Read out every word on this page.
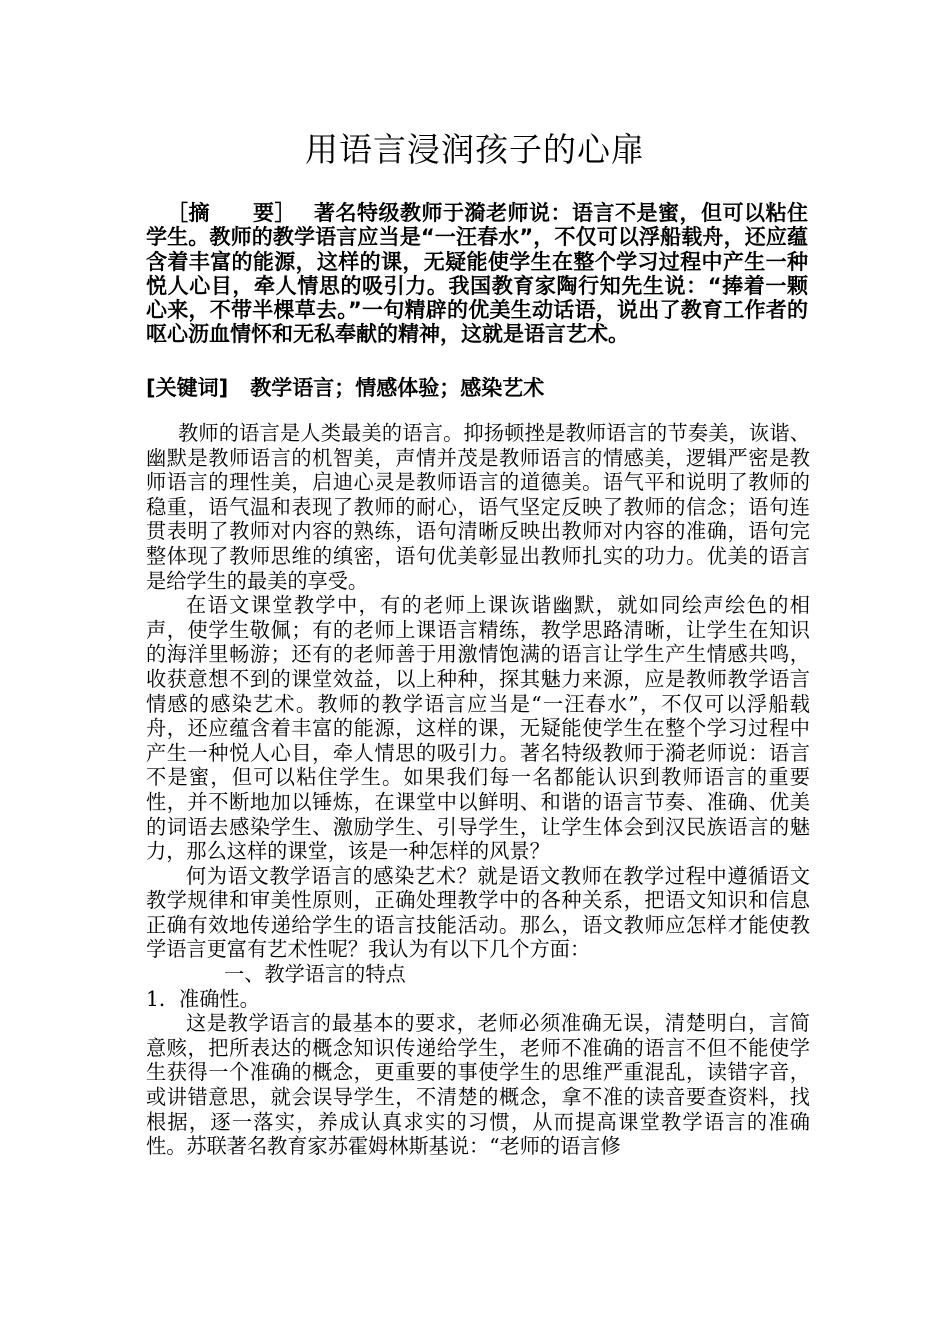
用语言浸润孩子的心扉

［摘　　要］ 著名特级教师于漪老师说：语言不是蜜，但可以粘住学生。教师的教学语言应当是“一汪春水”，不仅可以浮船载舟，还应蕴含着丰富的能源，这样的课，无疑能使学生在整个学习过程中产生一种悦人心目，牵人情思的吸引力。我国教育家陶行知先生说：“捧着一颗心来，不带半棵草去。”一句精辟的优美生动话语，说出了教育工作者的呕心沥血情怀和无私奉献的精神，这就是语言艺术。

[关键词] 教学语言；情感体验；感染艺术

教师的语言是人类最美的语言。抑扬顿挫是教师语言的节奏美，诙谐、幽默是教师语言的机智美，声情并茂是教师语言的情感美，逻辑严密是教师语言的理性美，启迪心灵是教师语言的道德美。语气平和说明了教师的稳重，语气温和表现了教师的耐心，语气坚定反映了教师的信念；语句连贯表明了教师对内容的熟练，语句清晰反映出教师对内容的准确，语句完整体现了教师思维的缜密，语句优美彰显出教师扎实的功力。优美的语言是给学生的最美的享受。

在语文课堂教学中，有的老师上课诙谐幽默，就如同绘声绘色的相声，使学生敬佩；有的老师上课语言精练，教学思路清晰，让学生在知识的海洋里畅游；还有的老师善于用激情饱满的语言让学生产生情感共鸣，收获意想不到的课堂效益，以上种种，探其魅力来源，应是教师教学语言情感的感染艺术。教师的教学语言应当是“一汪春水”，不仅可以浮船载舟，还应蕴含着丰富的能源，这样的课，无疑能使学生在整个学习过程中产生一种悦人心目，牵人情思的吸引力。著名特级教师于漪老师说：语言不是蜜，但可以粘住学生。如果我们每一名都能认识到教师语言的重要性，并不断地加以锤炼，在课堂中以鲜明、和谐的语言节奏、准确、优美的词语去感染学生、激励学生、引导学生，让学生体会到汉民族语言的魅力，那么这样的课堂，该是一种怎样的风景？

何为语文教学语言的感染艺术？就是语文教师在教学过程中遵循语文教学规律和审美性原则，正确处理教学中的各种关系，把语文知识和信息正确有效地传递给学生的语言技能活动。那么，语文教师应怎样才能使教学语言更富有艺术性呢？我认为有以下几个方面：

一、教学语言的特点

1．准确性。

这是教学语言的最基本的要求，老师必须准确无误，清楚明白，言简意赅，把所表达的概念知识传递给学生，老师不准确的语言不但不能使学生获得一个准确的概念，更重要的事使学生的思维严重混乱，读错字音，或讲错意思，就会误导学生，不清楚的概念，拿不准的读音要查资料，找根据，逐一落实，养成认真求实的习惯，从而提高课堂教学语言的准确性。苏联著名教育家苏霍姆林斯基说：“老师的语言修
